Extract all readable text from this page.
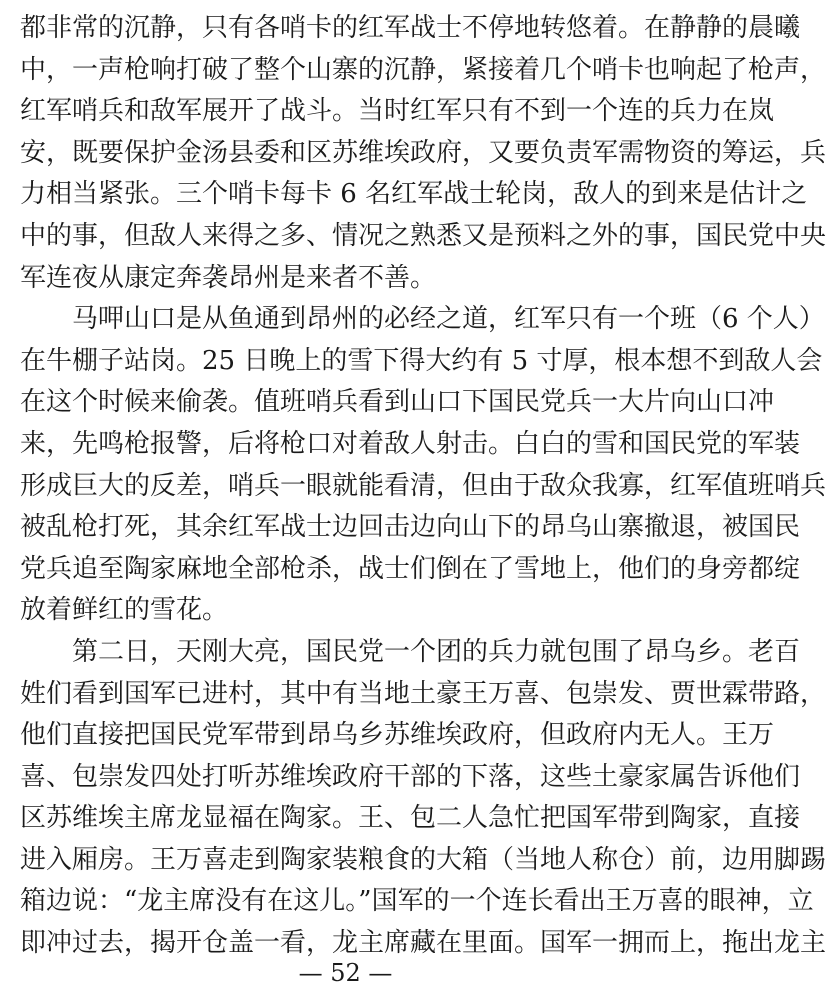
都非常的沉静，只有各哨卡的红军战士不停地转悠着。在静静的晨曦
中，一声枪响打破了整个山寨的沉静，紧接着几个哨卡也响起了枪声，
红军哨兵和敌军展开了战斗。当时红军只有不到一个连的兵力在岚
安，既要保护金汤县委和区苏维埃政府，又要负责军需物资的筹运，兵
力相当紧张。三个哨卡每卡 6 名红军战士轮岗，敌人的到来是估计之
中的事，但敌人来得之多、情况之熟悉又是预料之外的事，国民党中央
军连夜从康定奔袭昂州是来者不善。
马呷山口是从鱼通到昂州的必经之道，红军只有一个班（6 个人）
在牛棚子站岗。25 日晚上的雪下得大约有 5 寸厚，根本想不到敌人会
在这个时候来偷袭。值班哨兵看到山口下国民党兵一大片向山口冲
来，先鸣枪报警，后将枪口对着敌人射击。白白的雪和国民党的军装
形成巨大的反差，哨兵一眼就能看清，但由于敌众我寡，红军值班哨兵
被乱枪打死，其余红军战士边回击边向山下的昂乌山寨撤退，被国民
党兵追至陶家麻地全部枪杀，战士们倒在了雪地上，他们的身旁都绽
放着鲜红的雪花。
第二日，天刚大亮，国民党一个团的兵力就包围了昂乌乡。老百
姓们看到国军已进村，其中有当地土豪王万喜、包崇发、贾世霖带路，
他们直接把国民党军带到昂乌乡苏维埃政府，但政府内无人。王万
喜、包崇发四处打听苏维埃政府干部的下落，这些土豪家属告诉他们
区苏维埃主席龙显福在陶家。王、包二人急忙把国军带到陶家，直接
进入厢房。王万喜走到陶家装粮食的大箱（当地人称仓）前，边用脚踢
箱边说：“龙主席没有在这儿。”国军的一个连长看出王万喜的眼神，立
即冲过去，揭开仓盖一看，龙主席藏在里面。国军一拥而上，拖出龙主
— 52 —
